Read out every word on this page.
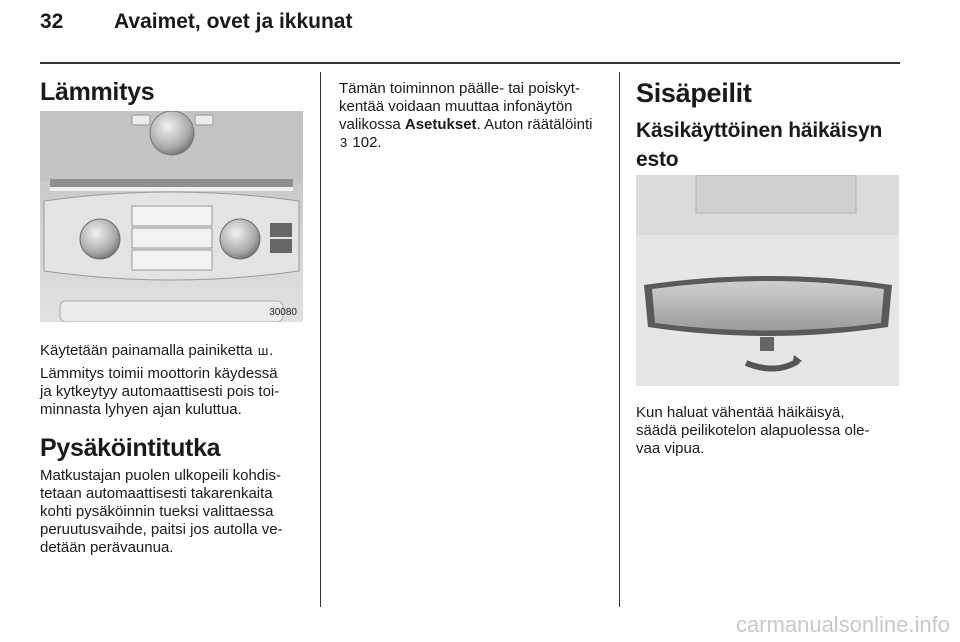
32 Avaimet, ovet ja ikkunat
Lämmitys
30080

Käytetään painamalla painiketta ш.

Lämmitys toimii moottorin käydessä
ja kytkeytyy automaattisesti pois toi-
minnasta lyhyen ajan kuluttua.

Pysäköintitutka

Matkustajan puolen ulkopeili kohdis-
tetaan automaattisesti takarenkaita
kohti pysäköinnin tueksi valittaessa
peruutusvaihde, paitsi jos autolla ve-
detään perävaunua.

Tämän toiminnon päälle- tai poiskyt-
kentää voidaan muuttaa infonäytön
valikossa Asetukset. Auton räätälöinti
3 102.

Sisäpeilit
Käsikäyttöinen häikäisyn
esto

Kun haluat vähentää häikäisyä,
säädä peilikotelon alapuolessa ole-
vaa vipua.

carmanualsonline.info
